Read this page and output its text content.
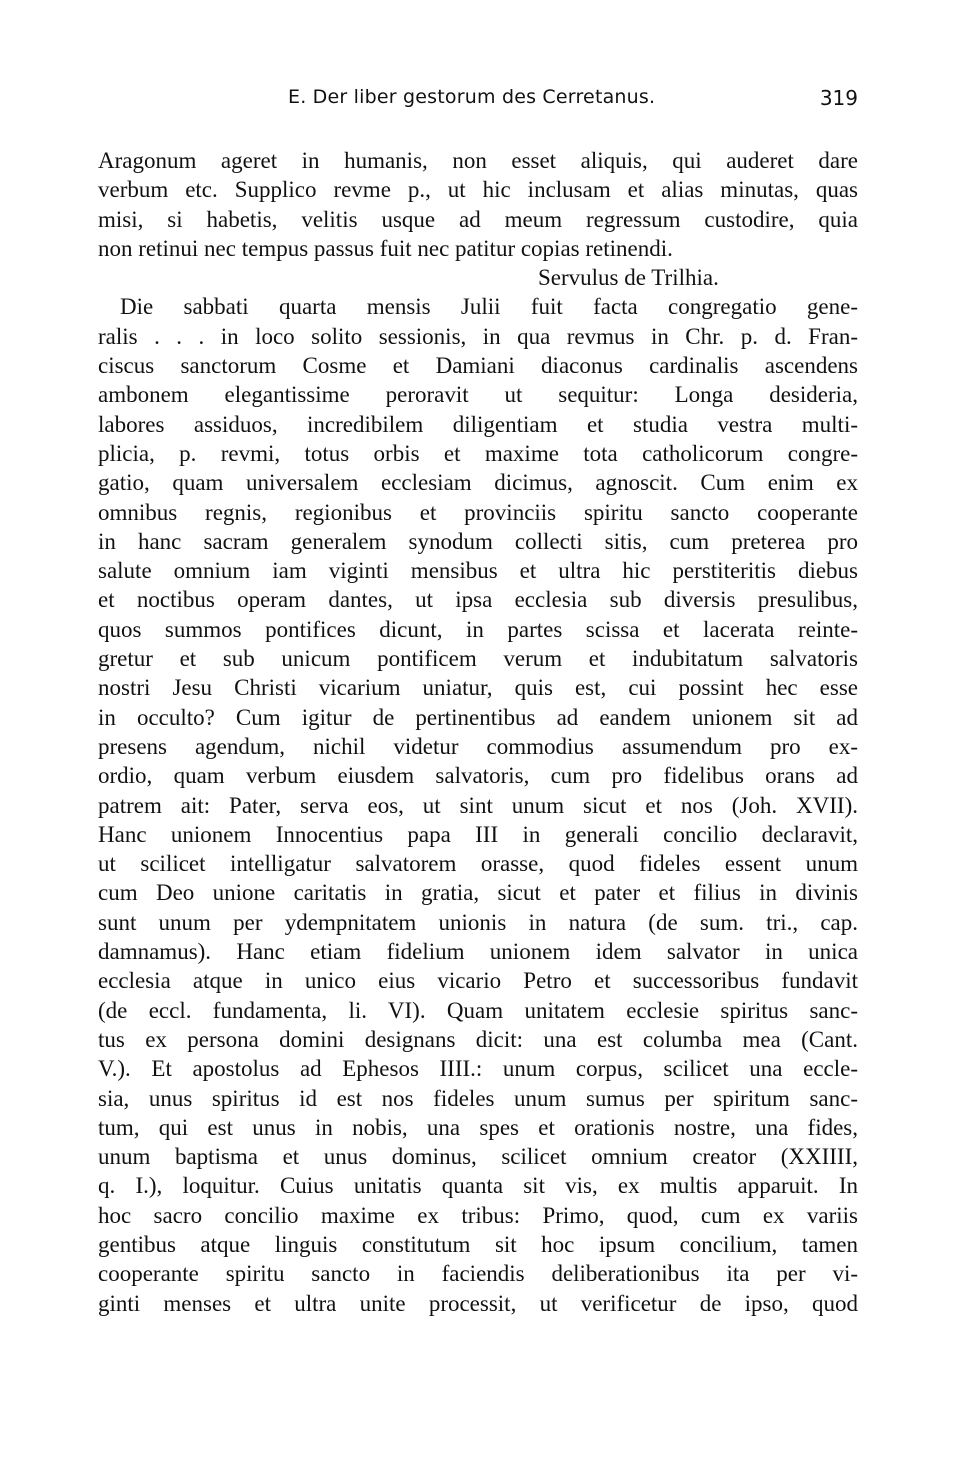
E. Der liber gestorum des Cerretanus.	319
Aragonum ageret in humanis, non esset aliquis, qui auderet dare
verbum etc. Supplico revme p., ut hic inclusam et alias minutas, quas
misi, si habetis, velitis usque ad meum regressum custodire, quia
non retinui nec tempus passus fuit nec patitur copias retinendi.
Servulus de Trilhia.
Die sabbati quarta mensis Julii fuit facta congregatio gene-
ralis . . . in loco solito sessionis, in qua revmus in Chr. p. d. Fran-
ciscus sanctorum Cosme et Damiani diaconus cardinalis ascendens
ambonem elegantissime peroravit ut sequitur: Longa desideria,
labores assiduos, incredibilem diligentiam et studia vestra multi-
plicia, p. revmi, totus orbis et maxime tota catholicorum congre-
gatio, quam universalem ecclesiam dicimus, agnoscit. Cum enim ex
omnibus regnis, regionibus et provinciis spiritu sancto cooperante
in hanc sacram generalem synodum collecti sitis, cum preterea pro
salute omnium iam viginti mensibus et ultra hic perstiteritis diebus
et noctibus operam dantes, ut ipsa ecclesia sub diversis presulibus,
quos summos pontifices dicunt, in partes scissa et lacerata reinte-
gretur et sub unicum pontificem verum et indubitatum salvatoris
nostri Jesu Christi vicarium uniatur, quis est, cui possint hec esse
in occulto? Cum igitur de pertinentibus ad eandem unionem sit ad
presens agendum, nichil videtur commodius assumendum pro ex-
ordio, quam verbum eiusdem salvatoris, cum pro fidelibus orans ad
patrem ait: Pater, serva eos, ut sint unum sicut et nos (Joh. XVII).
Hanc unionem Innocentius papa III in generali concilio declaravit,
ut scilicet intelligatur salvatorem orasse, quod fideles essent unum
cum Deo unione caritatis in gratia, sicut et pater et filius in divinis
sunt unum per ydempnitatem unionis in natura (de sum. tri., cap.
damnamus). Hanc etiam fidelium unionem idem salvator in unica
ecclesia atque in unico eius vicario Petro et successoribus fundavit
(de eccl. fundamenta, li. VI). Quam unitatem ecclesie spiritus sanc-
tus ex persona domini designans dicit: una est columba mea (Cant.
V.). Et apostolus ad Ephesos IIII.: unum corpus, scilicet una eccle-
sia, unus spiritus id est nos fideles unum sumus per spiritum sanc-
tum, qui est unus in nobis, una spes et orationis nostre, una fides,
unum baptisma et unus dominus, scilicet omnium creator (XXIIII,
q. I.), loquitur. Cuius unitatis quanta sit vis, ex multis apparuit. In
hoc sacro concilio maxime ex tribus: Primo, quod, cum ex variis
gentibus atque linguis constitutum sit hoc ipsum concilium, tamen
cooperante spiritu sancto in faciendis deliberationibus ita per vi-
ginti menses et ultra unite processit, ut verificetur de ipso, quod
